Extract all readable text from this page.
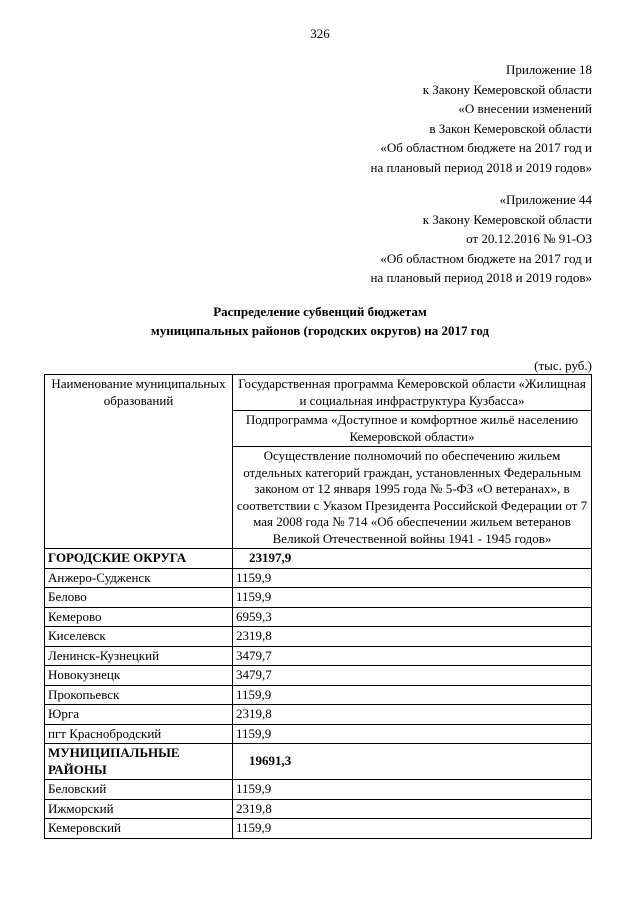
326
Приложение 18
к Закону Кемеровской области
«О внесении изменений
в Закон Кемеровской области
«Об областном бюджете на 2017 год и
на плановый период 2018 и 2019 годов»
«Приложение 44
к Закону Кемеровской области
от 20.12.2016 № 91-ОЗ
«Об областном бюджете на 2017 год и
на плановый период 2018 и 2019 годов»
Распределение субвенций бюджетам
муниципальных районов (городских округов) на 2017 год
(тыс. руб.)
Наименование муниципальных образований	Государственная программа Кемеровской области «Жилищная и социальная инфраструктура Кузбасса»
	Подпрограмма «Доступное и комфортное жильё населению Кемеровской области»
	Осуществление полномочий по обеспечению жильем отдельных категорий граждан, установленных Федеральным законом от 12 января 1995 года № 5-ФЗ «О ветеранах», в соответствии с Указом Президента Российской Федерации от 7 мая 2008 года № 714 «Об обеспечении жильем ветеранов Великой Отечественной войны 1941 - 1945 годов»
ГОРОДСКИЕ ОКРУГА	23197,9
Анжеро-Судженск	1159,9
Белово	1159,9
Кемерово	6959,3
Киселевск	2319,8
Ленинск-Кузнецкий	3479,7
Новокузнецк	3479,7
Прокопьевск	1159,9
Юрга	2319,8
пгт Краснобродский	1159,9
МУНИЦИПАЛЬНЫЕ РАЙОНЫ	19691,3
Беловский	1159,9
Ижморский	2319,8
Кемеровский	1159,9
